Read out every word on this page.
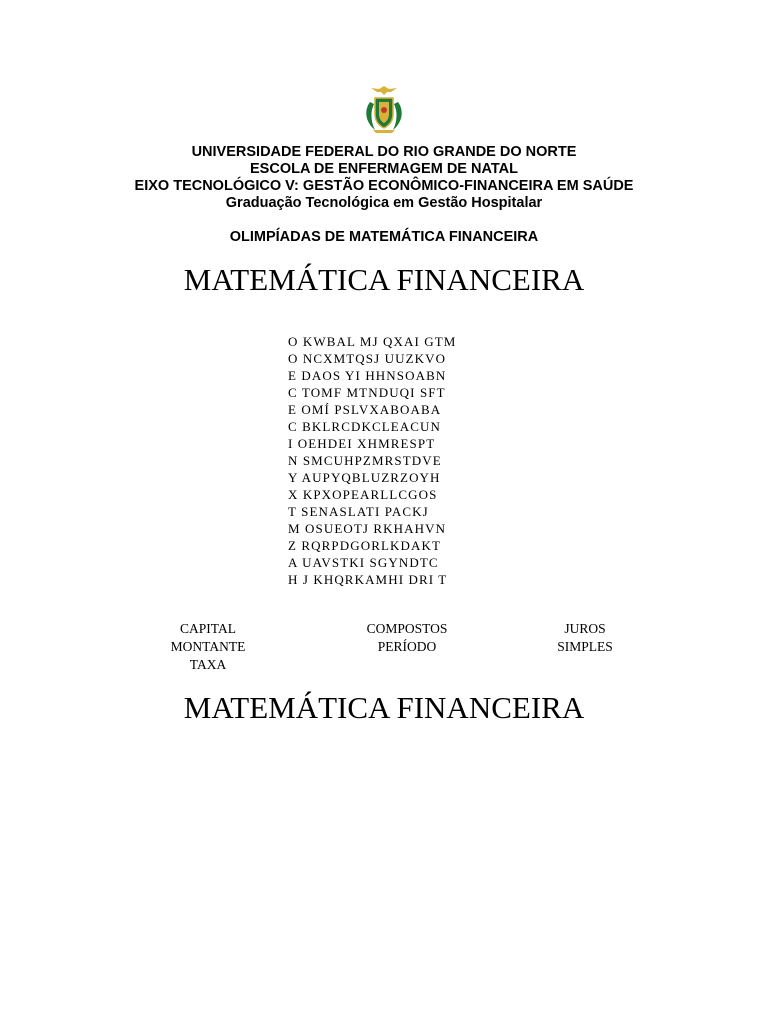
UNIVERSIDADE FEDERAL DO RIO GRANDE DO NORTE
ESCOLA DE ENFERMAGEM DE NATAL
EIXO TECNOLÓGICO V: GESTÃO ECONÔMICO-FINANCEIRA EM SAÚDE
Graduação Tecnológica em Gestão Hospitalar
OLIMPÍADAS DE MATEMÁTICA FINANCEIRA
MATEMÁTICA FINANCEIRA
O KWBAL MJ QXAI GTM
O NCXMTQSJ UUZKVO
E DAOS YI HHNSOABN
C TOMF MTNDUQI SFT
E OMÍ PSLVXABOABA
C BKLRCDKCLEACUN
I OEHDEI XHMRESPT
N SMCUHPZMRSTDVE
Y AUPYQBLUZRZOYH
X KPXOPEARLLCGOS
T SENASLATI PACKJ
M OSUEOTJ RKHAHVN
Z RQRPDGORLKDAKT
A UAVSTKI SGYNDTC
H J KHQRKAMHI DRI T
CAPITAL
MONTANTE
TAXA
COMPOSTOS
PERÍODO
JUROS
SIMPLES
MATEMÁTICA FINANCEIRA
